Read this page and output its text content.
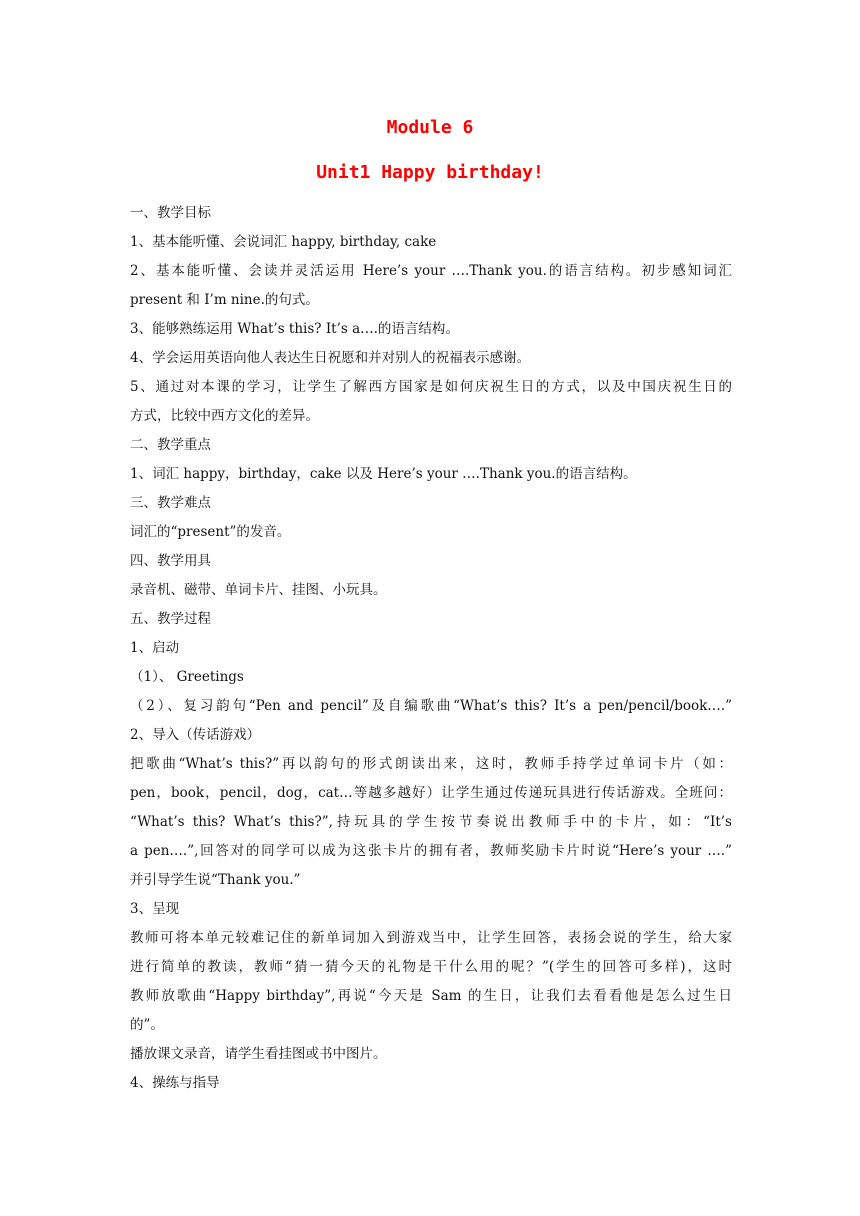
Module 6
Unit1 Happy birthday!

一、教学目标

1、基本能听懂、会说词汇 happy, birthday, cake

2、基本能听懂、会读并灵活运用 Here’s your ….Thank you.的语言结构。初步感知词汇

present 和 I’m nine.的句式。

3、能够熟练运用 What’s this? It’s a….的语言结构。

4、学会运用英语向他人表达生日祝愿和并对别人的祝福表示感谢。

5、通过对本课的学习，让学生了解西方国家是如何庆祝生日的方式，以及中国庆祝生日的

方式，比较中西方文化的差异。

二、教学重点

1、词汇 happy，birthday，cake 以及 Here’s your ….Thank you.的语言结构。

三、教学难点

词汇的“present”的发音。

四、教学用具

录音机、磁带、单词卡片、挂图、小玩具。

五、教学过程

1、启动

（1）、 Greetings

（2）、复习韵句“Pen and pencil”及自编歌曲“What’s this? It’s a pen/pencil/book….”

2、导入（传话游戏）

把歌曲“What’s this?”再以韵句的形式朗读出来，这时，教师手持学过单词卡片（如：

pen，book，pencil，dog，cat…等越多越好）让学生通过传递玩具进行传话游戏。全班问：

“What’s this? What’s this?”,持玩具的学生按节奏说出教师手中的卡片，如：“It’s

a pen….”,回答对的同学可以成为这张卡片的拥有者，教师奖励卡片时说“Here’s your ….”

并引导学生说“Thank you.”

3、呈现

教师可将本单元较难记住的新单词加入到游戏当中，让学生回答，表扬会说的学生，给大家

进行简单的教读，教师“猜一猜今天的礼物是干什么用的呢？”(学生的回答可多样)，这时

教师放歌曲“Happy birthday”,再说“今天是 Sam 的生日，让我们去看看他是怎么过生日

的”。

播放课文录音，请学生看挂图或书中图片。

4、操练与指导
